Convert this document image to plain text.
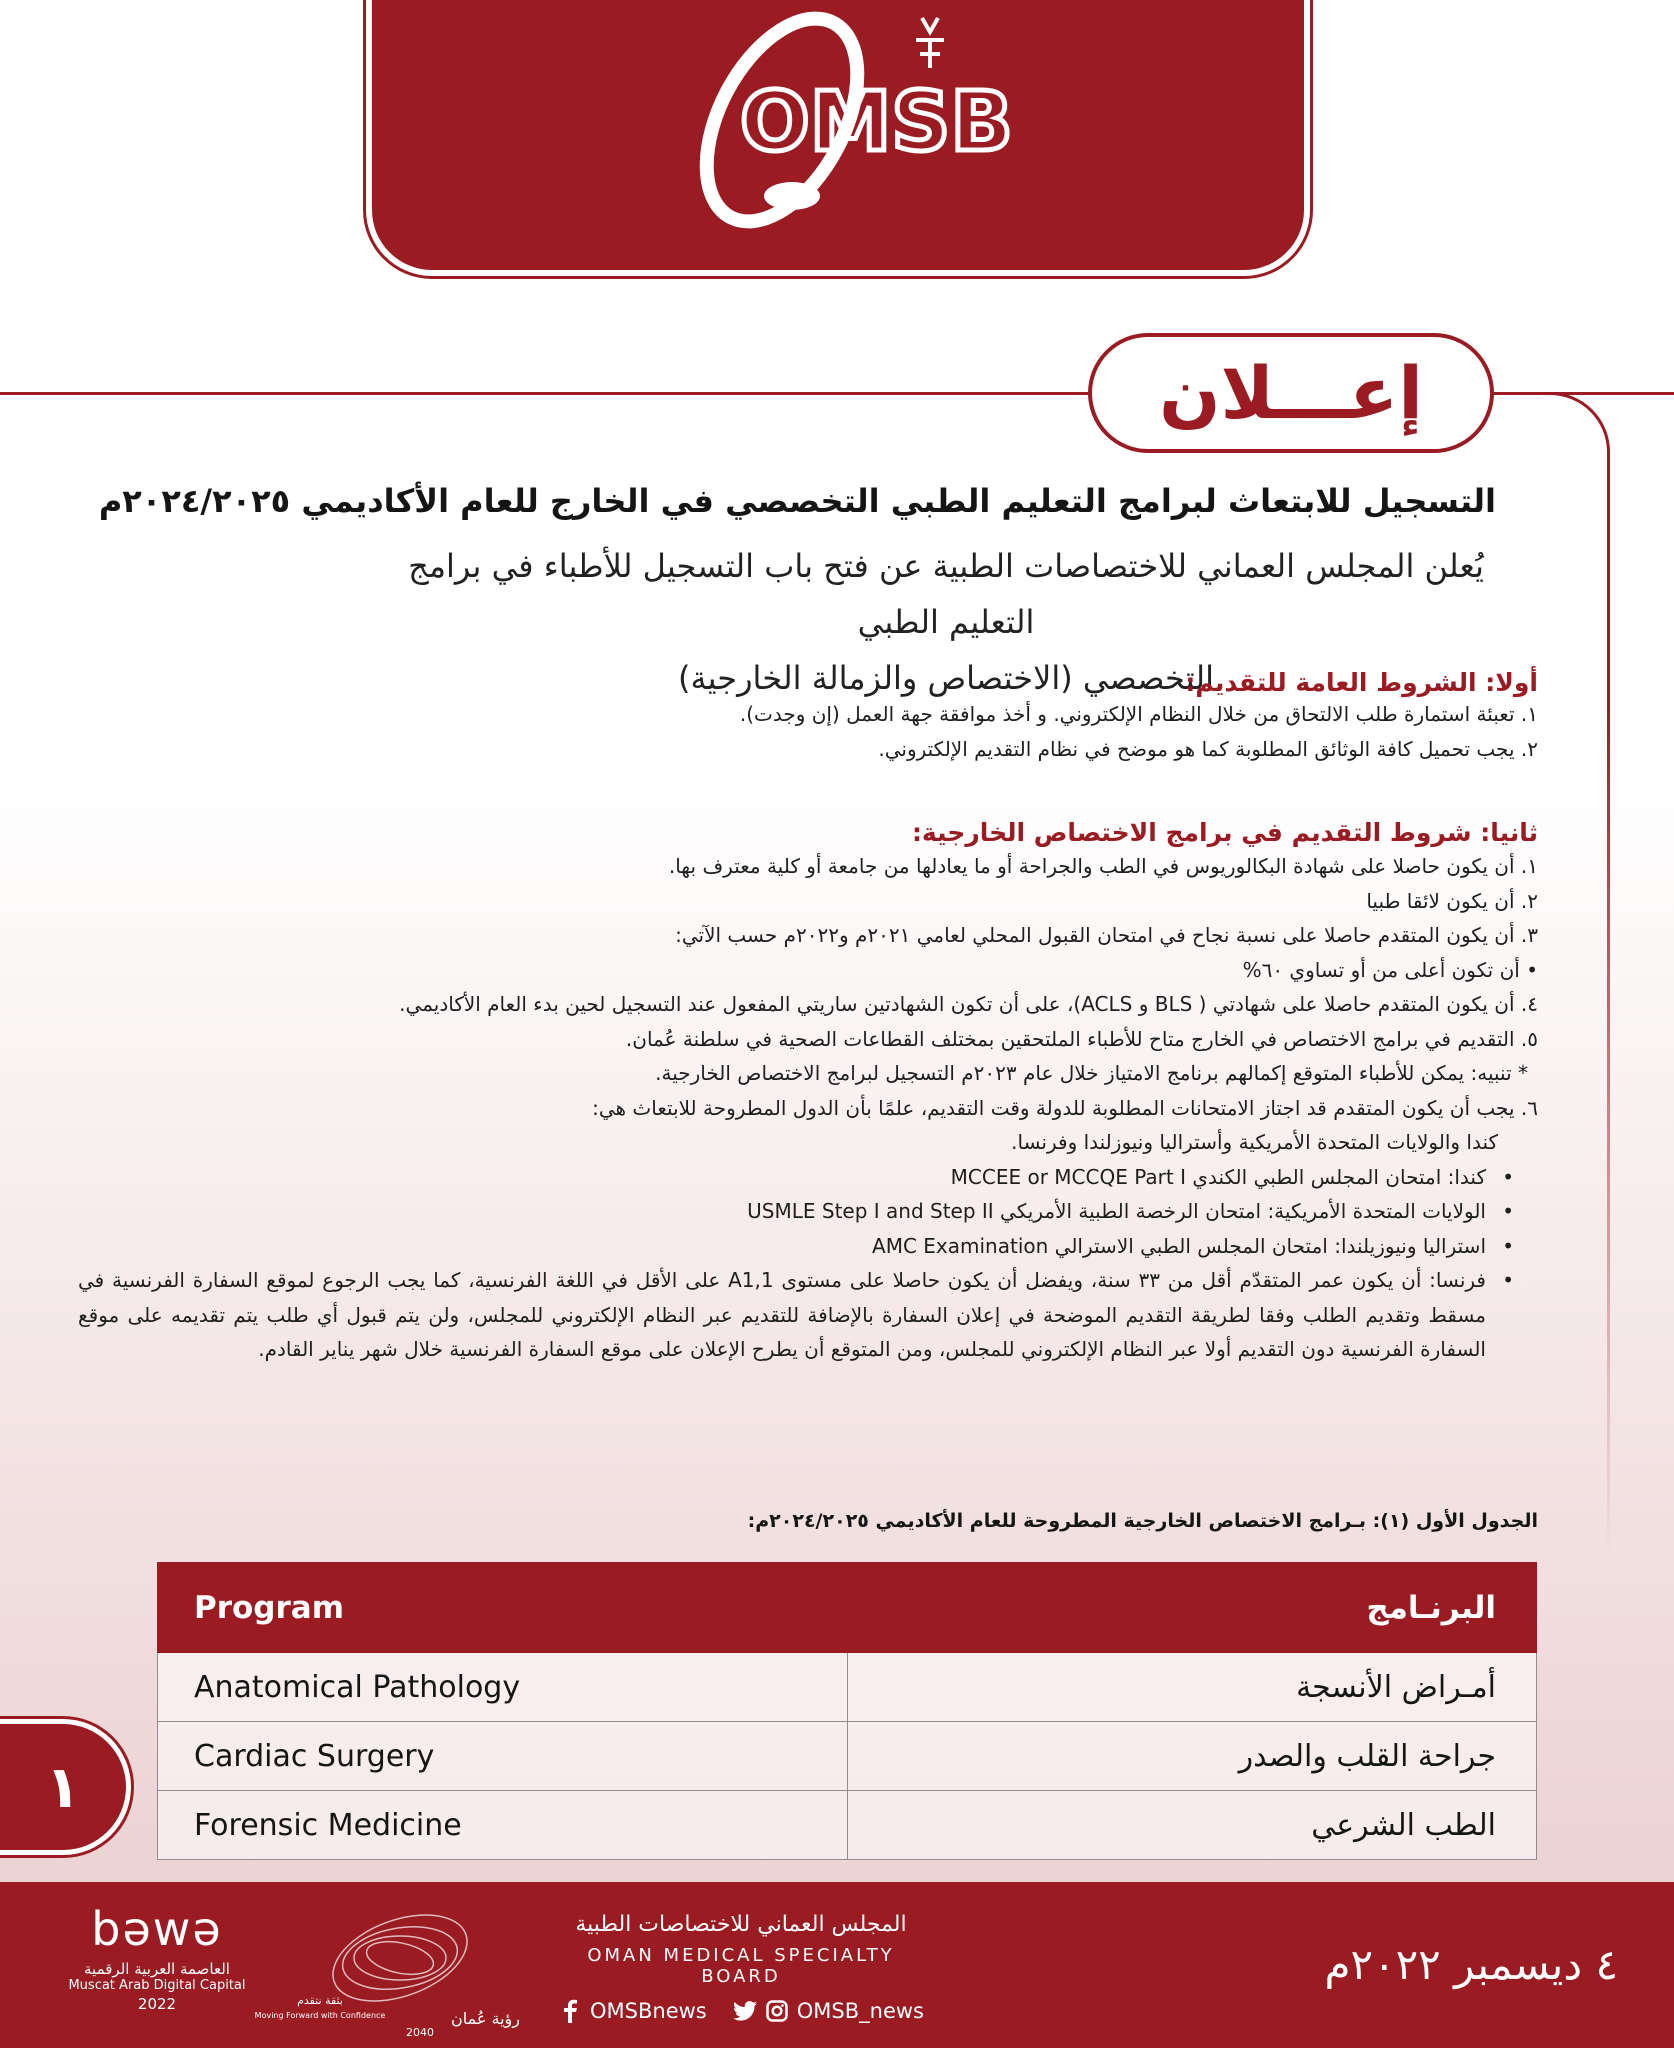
OMSB
إعـــلان
التسجيل للابتعاث لبرامج التعليم الطبي التخصصي في الخارج للعام الأكاديمي ٢٠٢٤/٢٠٢٥م
يُعلن المجلس العماني للاختصاصات الطبية عن فتح باب التسجيل للأطباء في برامج التعليم الطبي
التخصصي (الاختصاص والزمالة الخارجية)
أولا: الشروط العامة للتقديم:
١. تعبئة استمارة طلب الالتحاق من خلال النظام الإلكتروني. و أخذ موافقة جهة العمل (إن وجدت).
٢. يجب تحميل كافة الوثائق المطلوبة كما هو موضح في نظام التقديم الإلكتروني.
ثانيا: شروط التقديم في برامج الاختصاص الخارجية:
١. أن يكون حاصلا على شهادة البكالوريوس في الطب والجراحة أو ما يعادلها من جامعة أو كلية معترف بها.
٢. أن يكون لائقا طبيا
٣. أن يكون المتقدم حاصلا على نسبة نجاح في امتحان القبول المحلي لعامي ٢٠٢١م و٢٠٢٢م حسب الآتي:
• أن تكون أعلى من أو تساوي ٦٠%
٤. أن يكون المتقدم حاصلا على شهادتي ( BLS و ACLS)، على أن تكون الشهادتين ساريتي المفعول عند التسجيل لحين بدء العام الأكاديمي.
٥. التقديم في برامج الاختصاص في الخارج متاح للأطباء الملتحقين بمختلف القطاعات الصحية في سلطنة عُمان.
* تنبيه: يمكن للأطباء المتوقع إكمالهم برنامج الامتياز خلال عام ٢٠٢٣م التسجيل لبرامج الاختصاص الخارجية.
٦. يجب أن يكون المتقدم قد اجتاز الامتحانات المطلوبة للدولة وقت التقديم، علمًا بأن الدول المطروحة للابتعاث هي:
كندا والولايات المتحدة الأمريكية وأستراليا ونيوزلندا وفرنسا.
• كندا: امتحان المجلس الطبي الكندي MCCEE or MCCQE Part I
• الولايات المتحدة الأمريكية: امتحان الرخصة الطبية الأمريكي USMLE Step I and Step II
• استراليا ونيوزيلندا: امتحان المجلس الطبي الاسترالي AMC Examination
• فرنسا: أن يكون عمر المتقدّم أقل من ٣٣ سنة، ويفضل أن يكون حاصلا على مستوى A1,1 على الأقل في اللغة الفرنسية، كما يجب الرجوع لموقع السفارة الفرنسية في مسقط وتقديم الطلب وفقا لطريقة التقديم الموضحة في إعلان السفارة بالإضافة للتقديم عبر النظام الإلكتروني للمجلس، ولن يتم قبول أي طلب يتم تقديمه على موقع السفارة الفرنسية دون التقديم أولا عبر النظام الإلكتروني للمجلس، ومن المتوقع أن يطرح الإعلان على موقع السفارة الفرنسية خلال شهر يناير القادم.
الجدول الأول (١): بـرامج الاختصاص الخارجية المطروحة للعام الأكاديمي ٢٠٢٤/٢٠٢٥م:
Program	البرنـامج
Anatomical Pathology	أمـراض الأنسجة
Cardiac Surgery	جراحة القلب والصدر
Forensic Medicine	الطب الشرعي
١
bəwə
العاصمة العربية الرقمية
Muscat Arab Digital Capital
2022
رؤية عُمان
2040
بثقة نتقدم
Moving Forward with Confidence
المجلس العماني للاختصاصات الطبية
OMAN MEDICAL SPECIALTY BOARD
OMSBnews	OMSB_news
٤ ديسمبر ٢٠٢٢م
